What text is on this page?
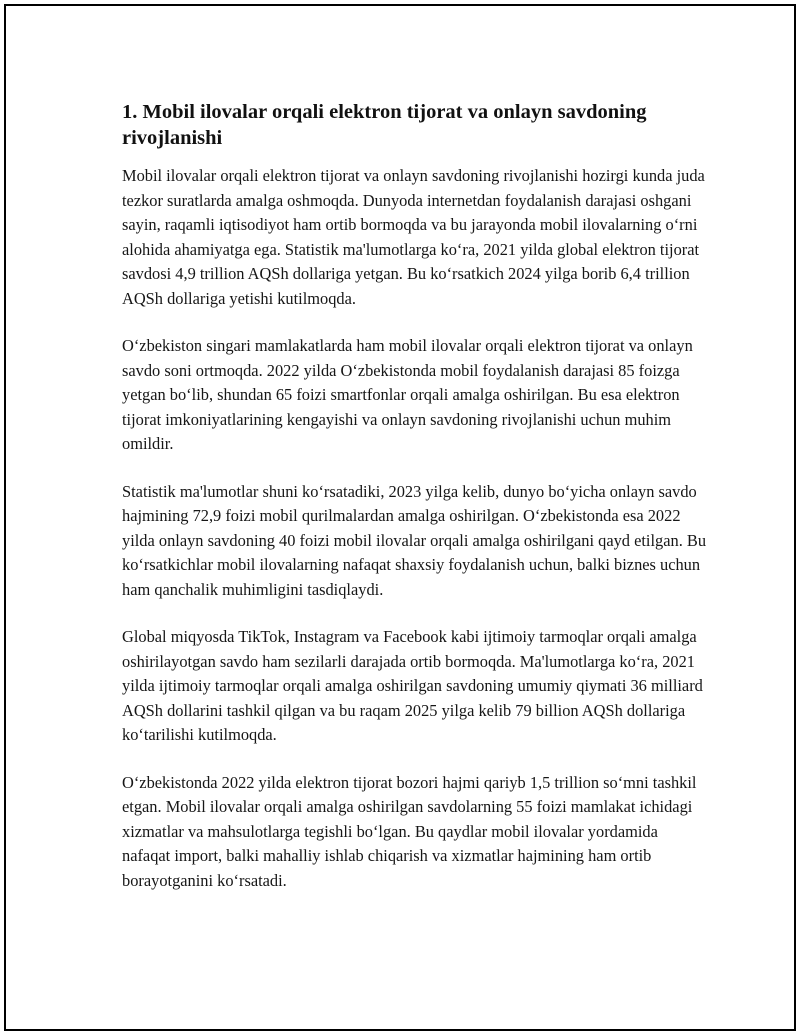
1. Mobil ilovalar orqali elektron tijorat va onlayn savdoning rivojlanishi

Mobil ilovalar orqali elektron tijorat va onlayn savdoning rivojlanishi hozirgi kunda juda tezkor suratlarda amalga oshmoqda. Dunyoda internetdan foydalanish darajasi oshgani sayin, raqamli iqtisodiyot ham ortib bormoqda va bu jarayonda mobil ilovalarning o‘rni alohida ahamiyatga ega. Statistik ma'lumotlarga ko‘ra, 2021 yilda global elektron tijorat savdosi 4,9 trillion AQSh dollariga yetgan. Bu ko‘rsatkich 2024 yilga borib 6,4 trillion AQSh dollariga yetishi kutilmoqda.

O‘zbekiston singari mamlakatlarda ham mobil ilovalar orqali elektron tijorat va onlayn savdo soni ortmoqda. 2022 yilda O‘zbekistonda mobil foydalanish darajasi 85 foizga yetgan bo‘lib, shundan 65 foizi smartfonlar orqali amalga oshirilgan. Bu esa elektron tijorat imkoniyatlarining kengayishi va onlayn savdoning rivojlanishi uchun muhim omildir.

Statistik ma'lumotlar shuni ko‘rsatadiki, 2023 yilga kelib, dunyo bo‘yicha onlayn savdo hajmining 72,9 foizi mobil qurilmalardan amalga oshirilgan. O‘zbekistonda esa 2022 yilda onlayn savdoning 40 foizi mobil ilovalar orqali amalga oshirilgani qayd etilgan. Bu ko‘rsatkichlar mobil ilovalarning nafaqat shaxsiy foydalanish uchun, balki biznes uchun ham qanchalik muhimligini tasdiqlaydi.

Global miqyosda TikTok, Instagram va Facebook kabi ijtimoiy tarmoqlar orqali amalga oshirilayotgan savdo ham sezilarli darajada ortib bormoqda. Ma'lumotlarga ko‘ra, 2021 yilda ijtimoiy tarmoqlar orqali amalga oshirilgan savdoning umumiy qiymati 36 milliard AQSh dollarini tashkil qilgan va bu raqam 2025 yilga kelib 79 billion AQSh dollariga ko‘tarilishi kutilmoqda.

O‘zbekistonda 2022 yilda elektron tijorat bozori hajmi qariyb 1,5 trillion so‘mni tashkil etgan. Mobil ilovalar orqali amalga oshirilgan savdolarning 55 foizi mamlakat ichidagi xizmatlar va mahsulotlarga tegishli bo‘lgan. Bu qaydlar mobil ilovalar yordamida nafaqat import, balki mahalliy ishlab chiqarish va xizmatlar hajmining ham ortib borayotganini ko‘rsatadi.
